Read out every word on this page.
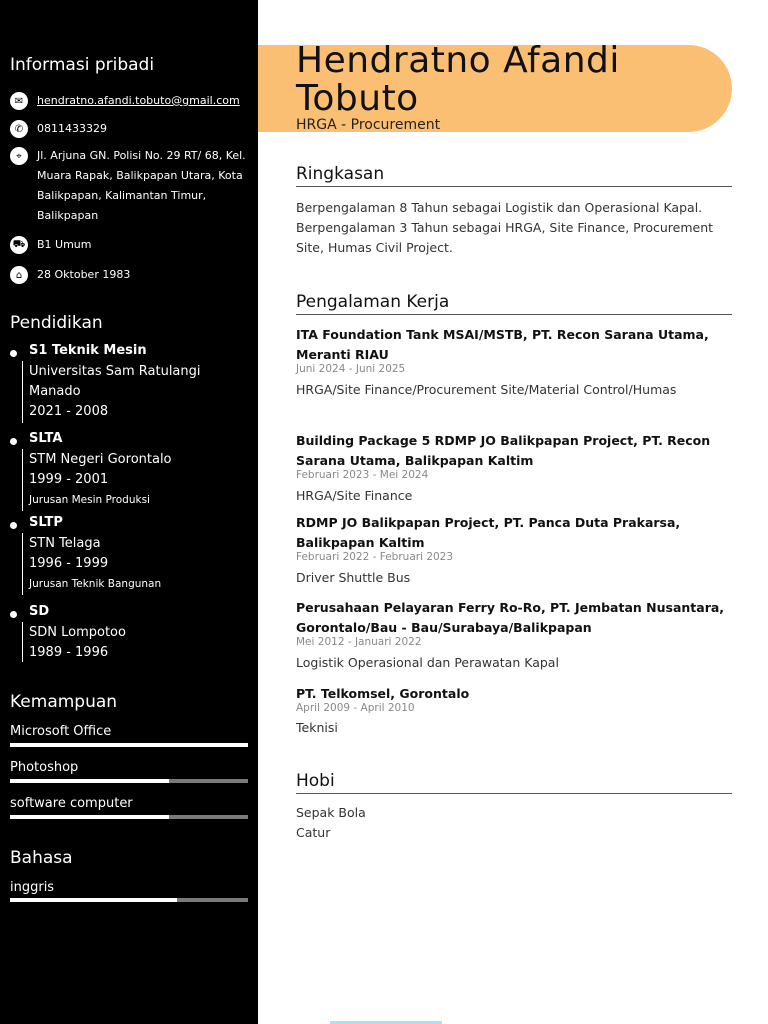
Informasi pribadi
✉	hendratno.afandi.tobuto@gmail.com
✆	0811433329
⌖	Jl. Arjuna GN. Polisi No. 29 RT/ 68, Kel. Muara Rapak, Balikpapan Utara, Kota Balikpapan, Kalimantan Timur, Balikpapan
⛟ B1 Umum
⌂	28 Oktober 1983
Pendidikan
S1 Teknik Mesin
Universitas Sam Ratulangi
Manado
2021 - 2008
SLTA
STM Negeri Gorontalo
1999 - 2001
Jurusan Mesin Produksi
SLTP
STN Telaga
1996 - 1999
Jurusan Teknik Bangunan
SD
SDN Lompotoo
1989 - 1996
Kemampuan
Microsoft Office
Photoshop
software computer
Bahasa
inggris
Hendratno Afandi
Tobuto
HRGA - Procurement
Ringkasan
Berpengalaman 8 Tahun sebagai Logistik dan Operasional Kapal. Berpengalaman 3 Tahun sebagai HRGA, Site Finance, Procurement Site, Humas Civil Project.
Pengalaman Kerja
ITA Foundation Tank MSAI/MSTB, PT. Recon Sarana Utama, Meranti RIAU
Juni 2024 - Juni 2025
HRGA/Site Finance/Procurement Site/Material Control/Humas
Building Package 5 RDMP JO Balikpapan Project, PT. Recon Sarana Utama, Balikpapan Kaltim
Februari 2023 - Mei 2024
HRGA/Site Finance
RDMP JO Balikpapan Project, PT. Panca Duta Prakarsa, Balikpapan Kaltim
Februari 2022 - Februari 2023
Driver Shuttle Bus
Perusahaan Pelayaran Ferry Ro-Ro, PT. Jembatan Nusantara, Gorontalo/Bau - Bau/Surabaya/Balikpapan
Mei 2012 - Januari 2022
Logistik Operasional dan Perawatan Kapal
PT. Telkomsel, Gorontalo
April 2009 - April 2010
Teknisi
Hobi
Sepak Bola
Catur
